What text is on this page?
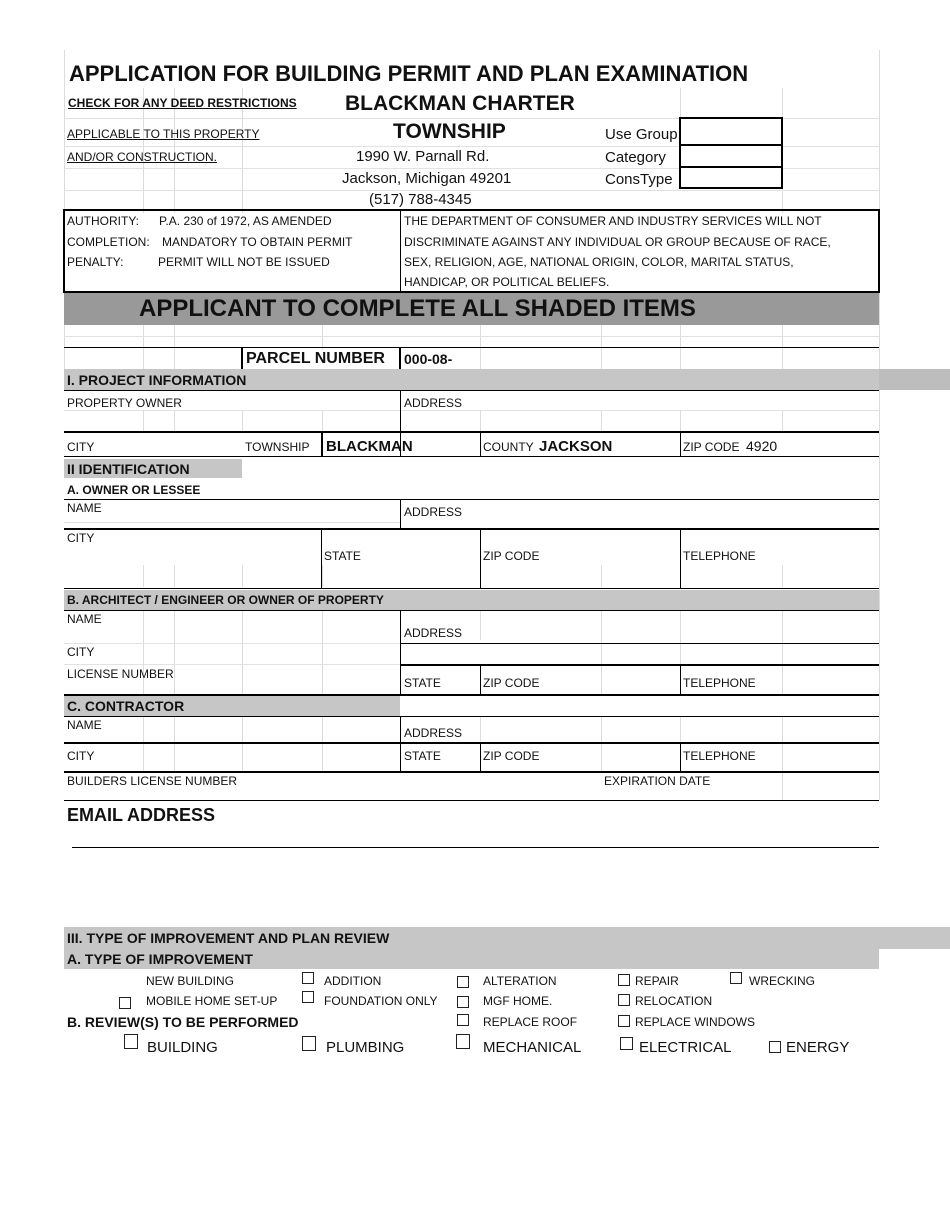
APPLICATION FOR BUILDING PERMIT AND PLAN EXAMINATION
CHECK FOR ANY DEED RESTRICTIONS
APPLICABLE TO THIS PROPERTY
AND/OR CONSTRUCTION.
BLACKMAN CHARTER
TOWNSHIP
1990 W. Parnall Rd.
Jackson, Michigan 49201
(517) 788-4345
Use Group
Category
ConsType
AUTHORITY: P.A. 230 of 1972, AS AMENDED
COMPLETION: MANDATORY TO OBTAIN PERMIT
PENALTY:	PERMIT WILL NOT BE ISSUED
THE DEPARTMENT OF CONSUMER AND INDUSTRY SERVICES WILL NOT
DISCRIMINATE AGAINST ANY INDIVIDUAL OR GROUP BECAUSE OF RACE,
SEX, RELIGION, AGE, NATIONAL ORIGIN, COLOR, MARITAL STATUS,
HANDICAP, OR POLITICAL BELIEFS.
APPLICANT TO COMPLETE ALL SHADED ITEMS
PARCEL NUMBER 000-08-
I. PROJECT INFORMATION
PROPERTY OWNER	ADDRESS
CITY	TOWNSHIP BLACKMAN	COUNTY JACKSON	ZIP CODE 4920
II IDENTIFICATION
A. OWNER OR LESSEE
NAME	ADDRESS
CITY
STATE	ZIP CODE	TELEPHONE
B. ARCHITECT / ENGINEER OR OWNER OF PROPERTY
NAME
ADDRESS
CITY
LICENSE NUMBER
STATE	ZIP CODE	TELEPHONE
C. CONTRACTOR
NAME
ADDRESS
CITY	STATE	ZIP CODE	TELEPHONE
BUILDERS LICENSE NUMBER	EXPIRATION DATE
EMAIL ADDRESS
III. TYPE OF IMPROVEMENT AND PLAN REVIEW
A. TYPE OF IMPROVEMENT
NEW BUILDING	ADDITION	ALTERATION	REPAIR	WRECKING
MOBILE HOME SET-UP	FOUNDATION ONLY	MGF HOME.	RELOCATION
B. REVIEW(S) TO BE PERFORMED	REPLACE ROOF	REPLACE WINDOWS
BUILDING	PLUMBING	MECHANICAL	ELECTRICAL	ENERGY
